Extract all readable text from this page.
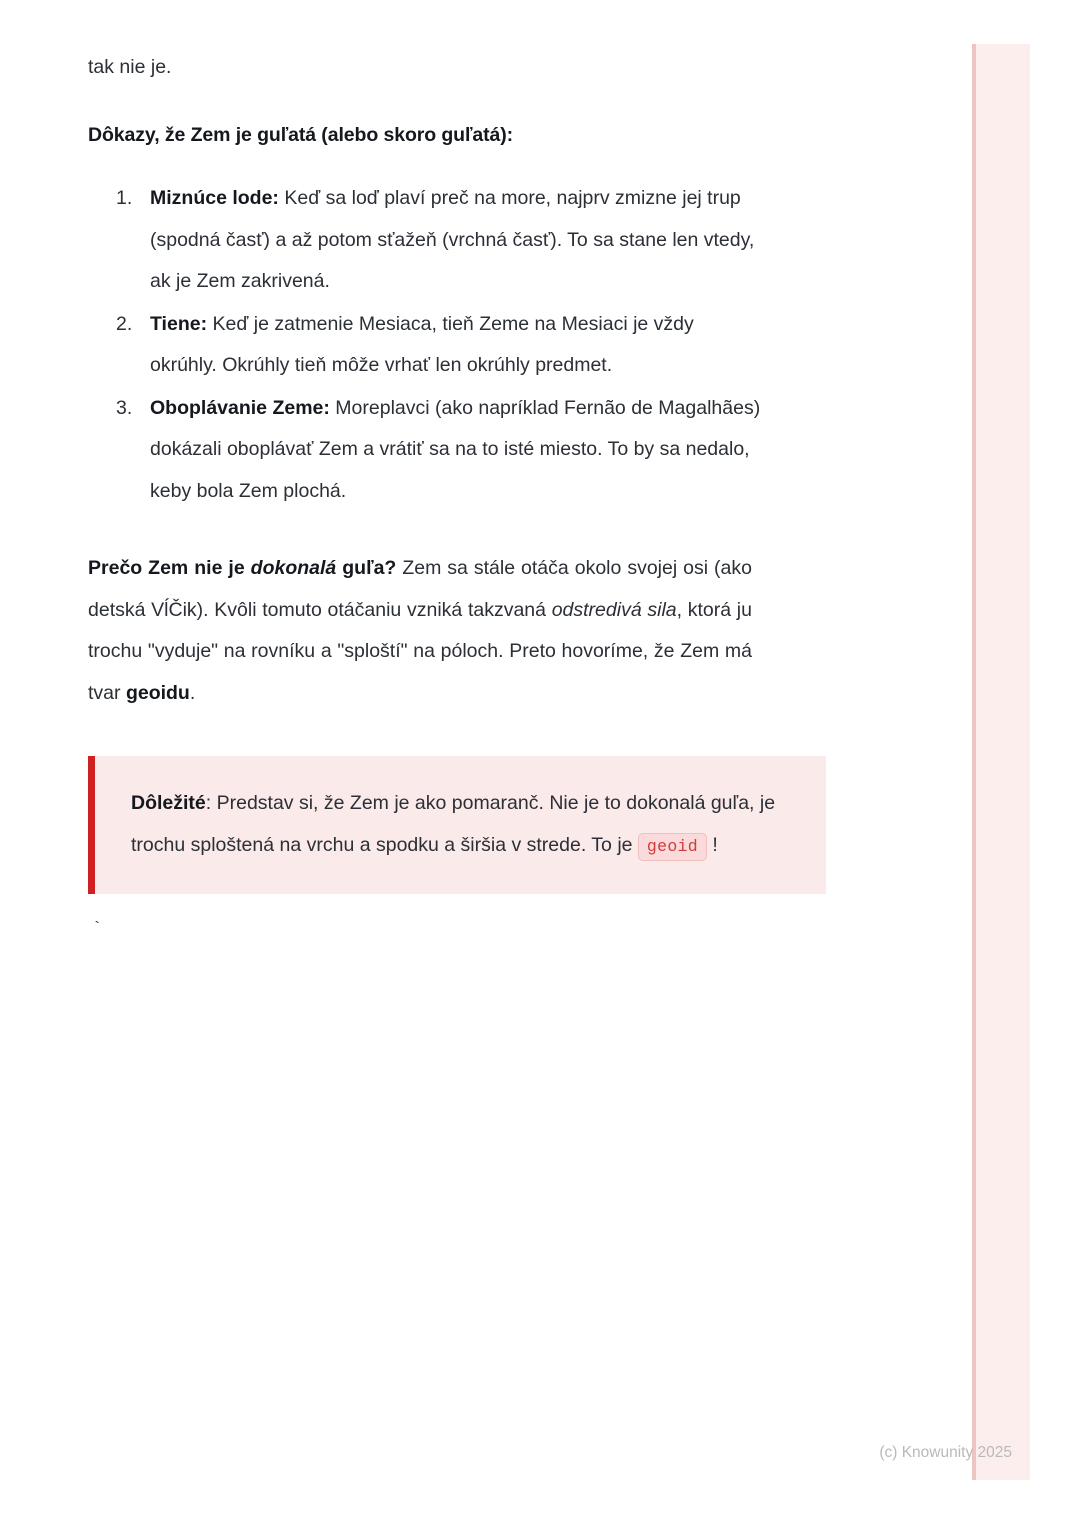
tak nie je.

Dôkazy, že Zem je guľatá (alebo skoro guľatá):
Miznúce lode: Keď sa loď plaví preč na more, najprv zmizne jej trup (spodná časť) a až potom sťažeň (vrchná časť). To sa stane len vtedy, ak je Zem zakrivená.
Tiene: Keď je zatmenie Mesiaca, tieň Zeme na Mesiaci je vždy okrúhly. Okrúhly tieň môže vrhať len okrúhly predmet.
Oboplávanie Zeme: Moreplavci (ako napríklad Fernão de Magalhães) dokázali oboplávať Zem a vrátiť sa na to isté miesto. To by sa nedalo, keby bola Zem plochá.

Prečo Zem nie je dokonalá guľa? Zem sa stále otáča okolo svojej osi (ako detská VĺČik). Kvôli tomuto otáčaniu vzniká takzvaná odstredivá sila, ktorá ju trochu "vyduje" na rovníku a "sploští" na póloch. Preto hovoríme, že Zem má tvar geoidu.

Dôležité: Predstav si, že Zem je ako pomaranč. Nie je to dokonalá guľa, je trochu sploštená na vrchu a spodku a širšia v strede. To je geoid !

`
(c) Knowunity 2025
